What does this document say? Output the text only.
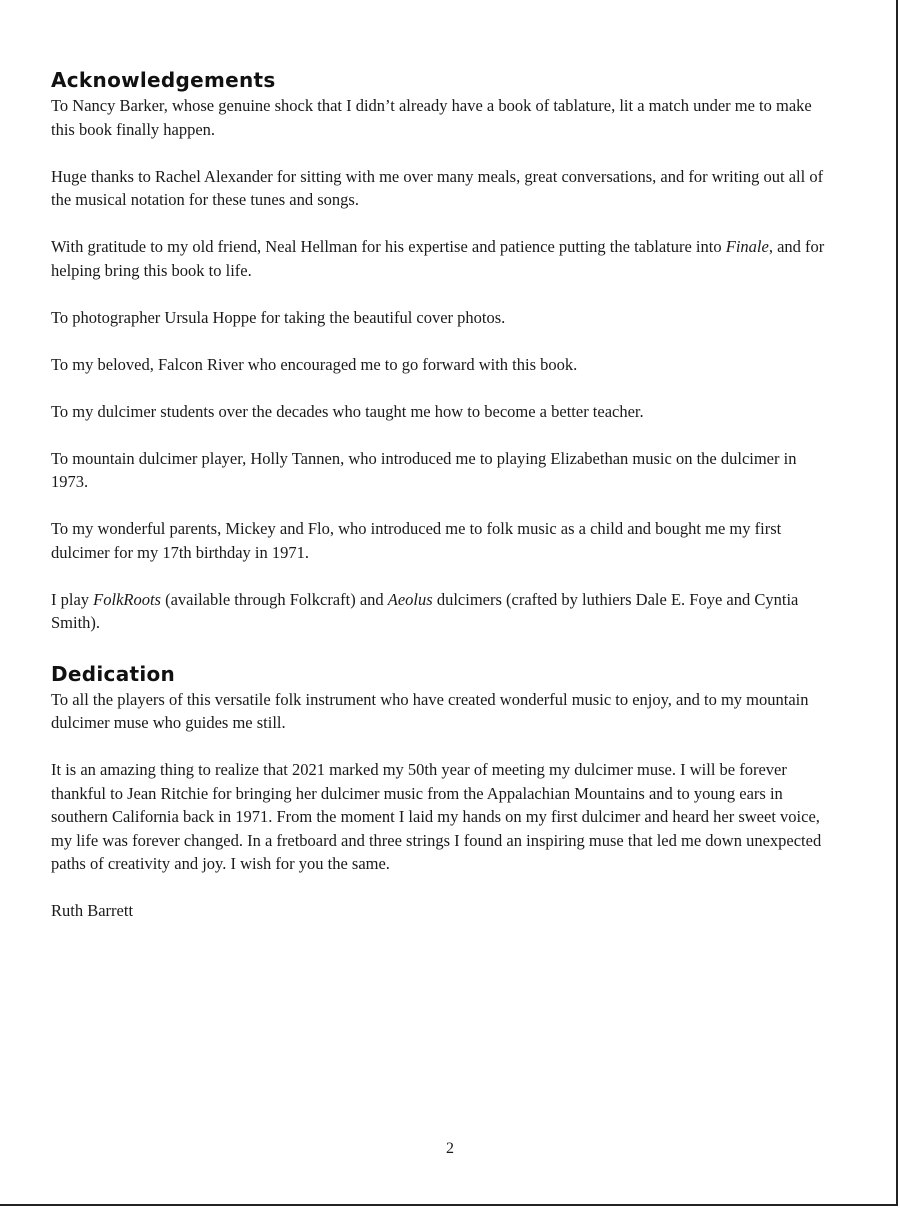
Acknowledgements

To Nancy Barker, whose genuine shock that I didn’t already have a book of tablature, lit a match under me to make this book finally happen.

Huge thanks to Rachel Alexander for sitting with me over many meals, great conversations, and for writing out all of the musical notation for these tunes and songs.

With gratitude to my old friend, Neal Hellman for his expertise and patience putting the tablature into Finale, and for helping bring this book to life.

To photographer Ursula Hoppe for taking the beautiful cover photos.

To my beloved, Falcon River who encouraged me to go forward with this book.

To my dulcimer students over the decades who taught me how to become a better teacher.

To mountain dulcimer player, Holly Tannen, who introduced me to playing Elizabethan music on the dulcimer in 1973.

To my wonderful parents, Mickey and Flo, who introduced me to folk music as a child and bought me my first dulcimer for my 17th birthday in 1971.

I play FolkRoots (available through Folkcraft) and Aeolus dulcimers (crafted by luthiers Dale E. Foye and Cyntia Smith).

Dedication

To all the players of this versatile folk instrument who have created wonderful music to enjoy, and to my mountain dulcimer muse who guides me still.

It is an amazing thing to realize that 2021 marked my 50th year of meeting my dulcimer muse. I will be forever thankful to Jean Ritchie for bringing her dulcimer music from the Appalachian Mountains and to young ears in southern California back in 1971. From the moment I laid my hands on my first dulcimer and heard her sweet voice, my life was forever changed. In a fretboard and three strings I found an inspiring muse that led me down unexpected paths of creativity and joy. I wish for you the same.

Ruth Barrett

2
